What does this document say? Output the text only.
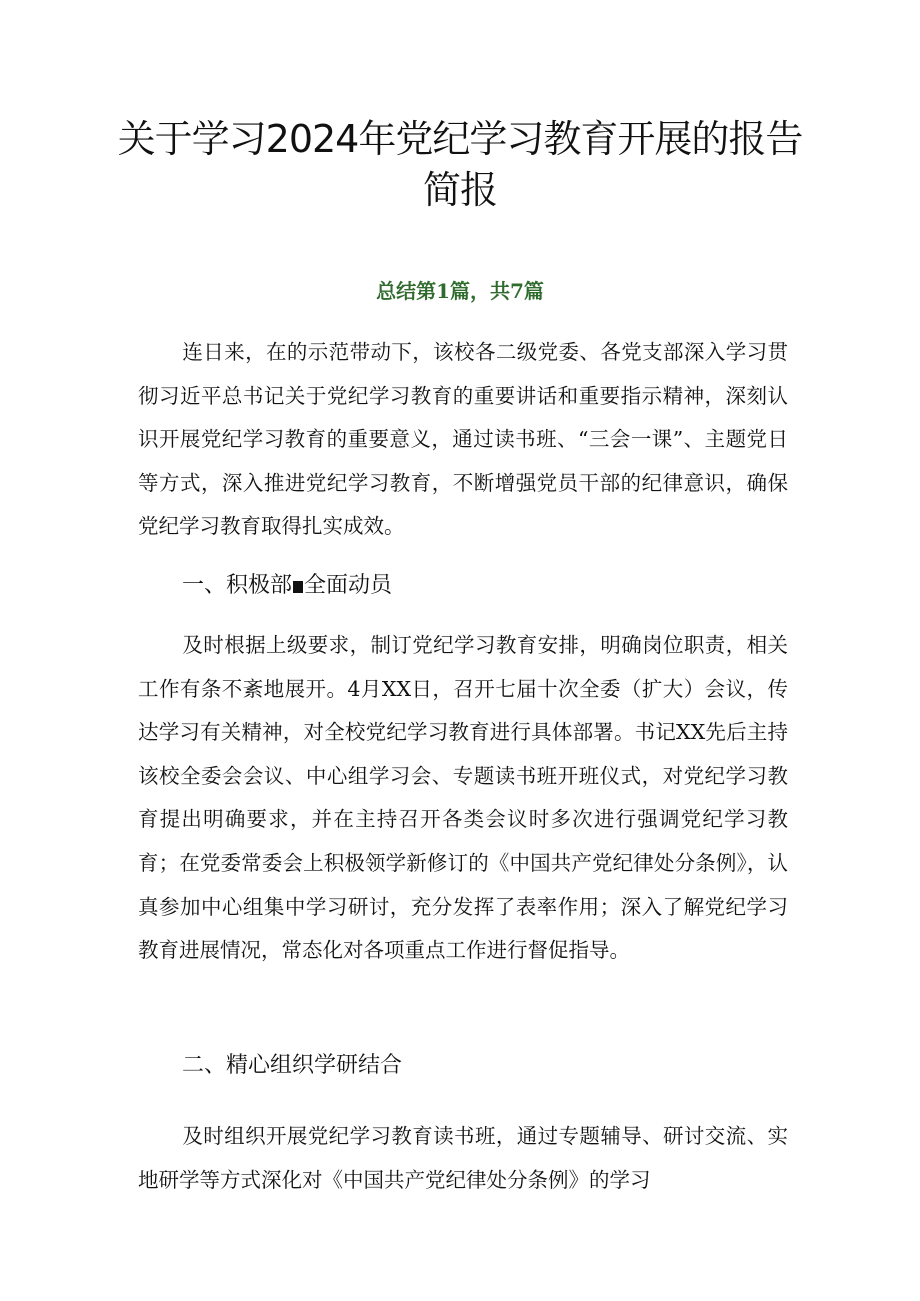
关于学习2024年党纪学习教育开展的报告
简报
总结第1篇，共7篇
连日来，在的示范带动下，该校各二级党委、各党支部深入学习贯彻习近平总书记关于党纪学习教育的重要讲话和重要指示精神，深刻认识开展党纪学习教育的重要意义，通过读书班、“三会一课”、主题党日等方式，深入推进党纪学习教育，不断增强党员干部的纪律意识，确保党纪学习教育取得扎实成效。
一、积极部 全面动员
及时根据上级要求，制订党纪学习教育安排，明确岗位职责，相关工作有条不紊地展开。4月XX日，召开七届十次全委（扩大）会议，传达学习有关精神，对全校党纪学习教育进行具体部署。书记XX先后主持该校全委会会议、中心组学习会、专题读书班开班仪式，对党纪学习教育提出明确要求，并在主持召开各类会议时多次进行强调党纪学习教育；在党委常委会上积极领学新修订的《中国共产党纪律处分条例》，认真参加中心组集中学习研讨，充分发挥了表率作用；深入了解党纪学习教育进展情况，常态化对各项重点工作进行督促指导。
二、精心组织学研结合
及时组织开展党纪学习教育读书班，通过专题辅导、研讨交流、实地研学等方式深化对《中国共产党纪律处分条例》的学习
